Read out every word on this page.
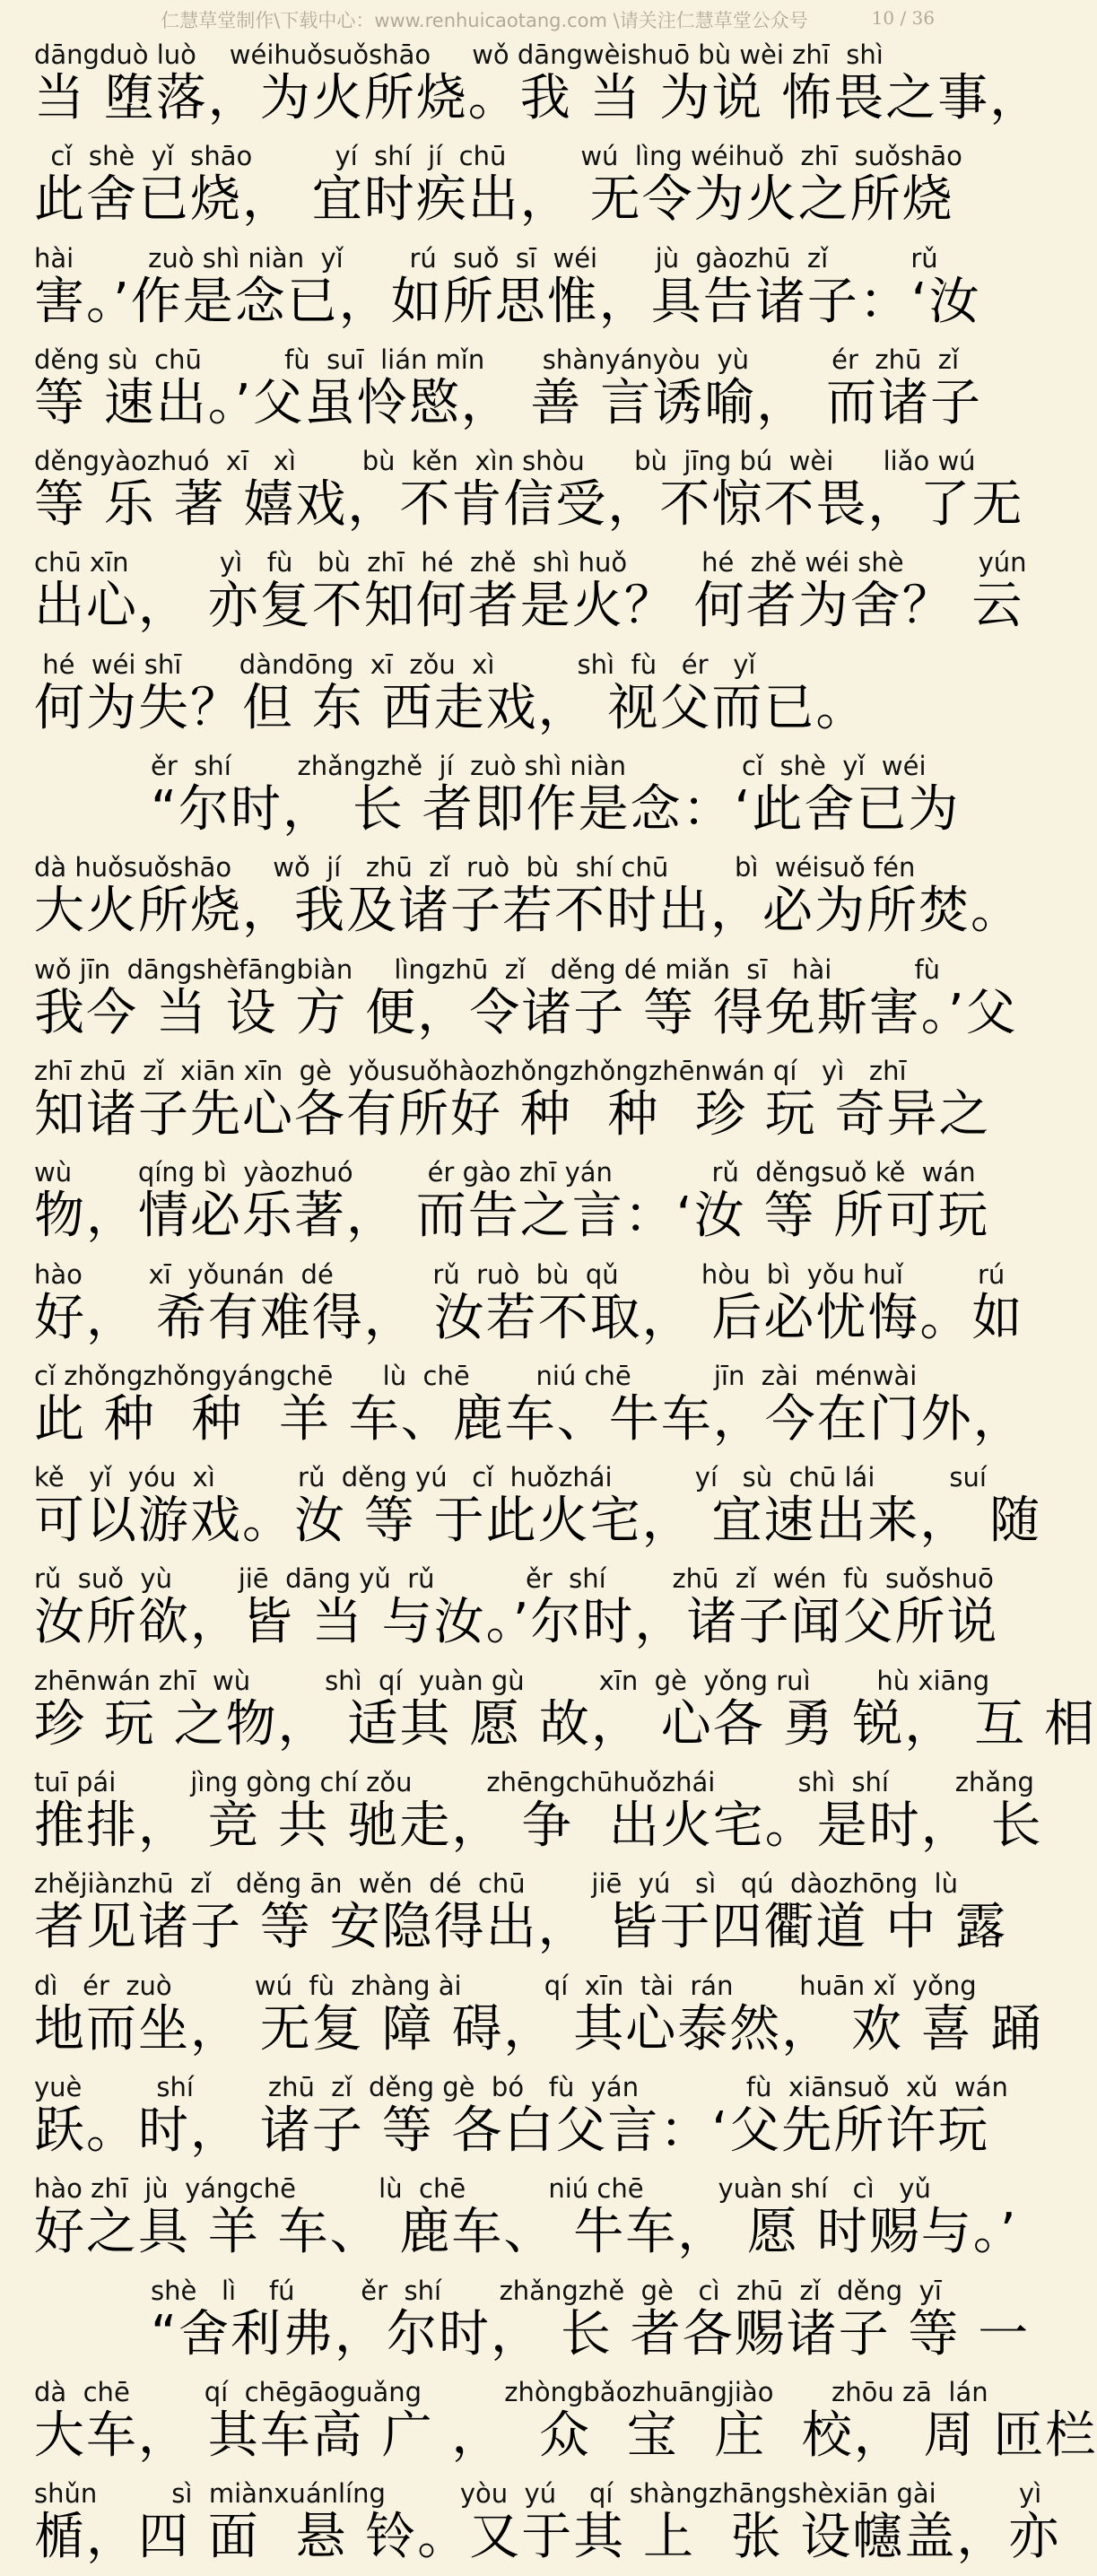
仁慧草堂制作\下载中心：www.renhuicaotang.com \请关注仁慧草堂公众号	10 / 36
dāngduò luò    wéihuǒsuǒshāo     wǒ dāngwèishuō bù wèi zhī  shì
当 堕落，为火所烧。我 当 为说 怖畏之事，
cǐ  shè  yǐ  shāo          yí  shí  jí  chū         wú  lìng wéihuǒ  zhī  suǒshāo
此舍已烧， 宜时疾出， 无令为火之所烧
hài         zuò shì niàn  yǐ        rú  suǒ  sī  wéi       jù  gàozhū  zǐ          rǔ
害。’作是念已，如所思惟，具告诸子：‘汝
děng sù  chū          fù  suī  lián mǐn       shànyányòu  yù          ér  zhū  zǐ
等 速出。’父虽怜愍， 善 言诱喻， 而诸子
děngyàozhuó  xī   xì        bù  kěn  xìn shòu      bù  jīng bú  wèi      liǎo wú
等 乐 著 嬉戏，不肯信受，不惊不畏，了无
chū xīn           yì   fù   bù  zhī  hé  zhě  shì huǒ         hé  zhě wéi shè         yún
出心， 亦复不知何者是火？ 何者为舍？ 云
hé  wéi shī       dàndōng  xī  zǒu  xì          shì  fù   ér   yǐ
何为失？但 东 西走戏， 视父而已。
ěr  shí        zhǎngzhě  jí  zuò shì niàn              cǐ  shè  yǐ  wéi
“尔时， 长 者即作是念：‘此舍已为
dà huǒsuǒshāo     wǒ  jí   zhū  zǐ  ruò  bù  shí chū        bì  wéisuǒ fén
大火所烧，我及诸子若不时出，必为所焚。
wǒ jīn  dāngshèfāngbiàn     lìngzhū  zǐ   děng dé miǎn  sī   hài          fù
我今 当 设 方 便，令诸子 等 得免斯害。’父
zhī zhū  zǐ  xiān xīn  gè  yǒusuǒhàozhǒngzhǒngzhēnwán qí   yì   zhī
知诸子先心各有所好 种  种  珍 玩 奇异之
wù        qíng bì  yàozhuó         ér gào zhī yán            rǔ  děngsuǒ kě  wán
物，情必乐著， 而告之言：‘汝 等 所可玩
hào        xī  yǒunán  dé            rǔ  ruò  bù  qǔ          hòu  bì  yǒu huǐ         rú
好， 希有难得， 汝若不取， 后必忧悔。如
cǐ zhǒngzhǒngyángchē      lù  chē        niú chē          jīn  zài  ménwài
此 种  种  羊 车、鹿车、牛车，今在门外，
kě   yǐ  yóu  xì          rǔ  děng yú   cǐ  huǒzhái          yí   sù  chū lái         suí
可以游戏。汝 等 于此火宅， 宜速出来， 随
rǔ  suǒ  yù        jiē  dāng yǔ  rǔ           ěr  shí        zhū  zǐ  wén  fù  suǒshuō
汝所欲，皆 当 与汝。’尔时，诸子闻父所说
zhēnwán zhī  wù         shì  qí  yuàn gù         xīn  gè  yǒng ruì        hù xiāng
珍 玩 之物， 适其 愿 故， 心各 勇 锐， 互 相
tuī pái         jìng gòng chí zǒu         zhēngchūhuǒzhái          shì  shí        zhǎng
推排， 竞 共 驰走， 争  出火宅。是时， 长
zhějiànzhū  zǐ   děng ān  wěn  dé  chū        jiē  yú   sì   qú  dàozhōng  lù
者见诸子 等 安隐得出， 皆于四衢道 中 露
dì   ér  zuò          wú  fù  zhàng ài          qí  xīn  tài  rán        huān xǐ  yǒng
地而坐， 无复 障 碍， 其心泰然， 欢 喜 踊
yuè         shí         zhū  zǐ  děng gè  bó   fù  yán             fù  xiānsuǒ  xǔ  wán
跃。时， 诸子 等 各白父言：‘父先所许玩
hào zhī  jù  yángchē          lù  chē          niú chē         yuàn shí   cì   yǔ
好之具 羊 车、 鹿车、 牛车， 愿 时赐与。’
shè   lì    fú        ěr  shí       zhǎngzhě  gè   cì  zhū  zǐ  děng  yī
“舍利弗，尔时， 长 者各赐诸子 等 一
dà  chē         qí  chēgāoguǎng          zhòngbǎozhuāngjiào       zhōu zā  lán
大车， 其车高 广 ，  众  宝  庄  校， 周 匝栏
shǔn         sì  miànxuánlíng         yòu  yú    qí  shàngzhāngshèxiān gài          yì
楯，四 面  悬 铃。又于其 上  张 设幰盖，亦
